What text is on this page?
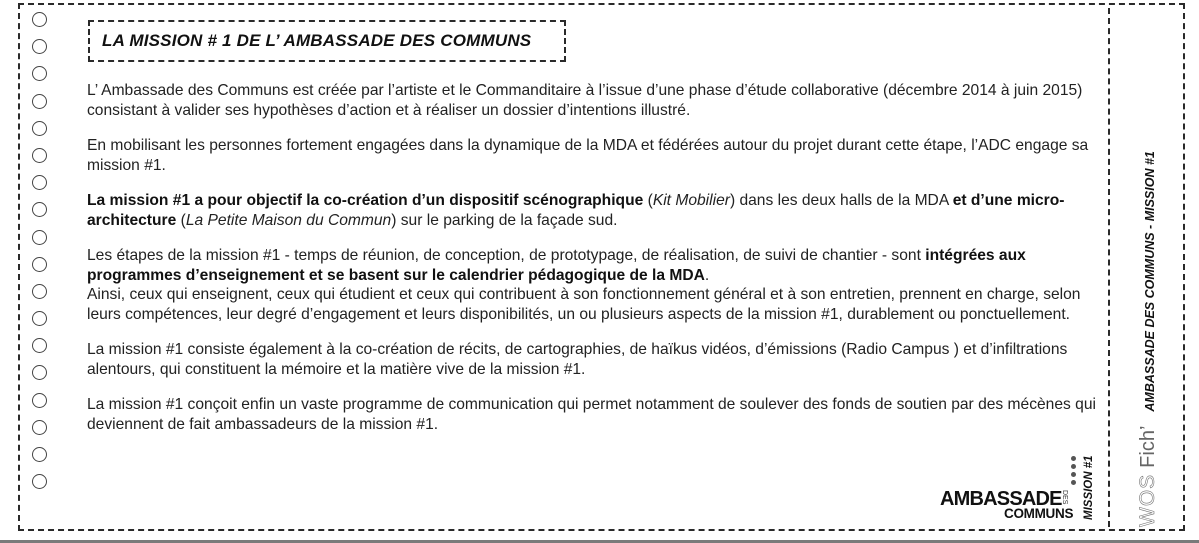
LA MISSION # 1 DE L’ AMBASSADE DES COMMUNS

L’ Ambassade des Communs est créée par l’artiste et le Commanditaire à l’issue d’une phase d’étude collaborative (décembre 2014 à juin 2015) consistant à valider ses hypothèses d’action et à réaliser un dossier d’intentions illustré.

En mobilisant les personnes fortement engagées dans la dynamique de la MDA et fédérées autour du projet durant cette étape, l’ADC engage sa mission #1.

La mission #1 a pour objectif la co-création d’un dispositif scénographique (Kit Mobilier) dans les deux halls de la MDA et d’une micro-architecture (La Petite Maison du Commun) sur le parking de la façade sud.

Les étapes de la mission #1 - temps de réunion, de conception, de prototypage, de réalisation, de suivi de chantier - sont intégrées aux programmes d’enseignement et se basent sur le calendrier pédagogique de la MDA.
Ainsi, ceux qui enseignent, ceux qui étudient et ceux qui contribuent à son fonctionnement général et à son entretien, prennent en charge, selon leurs compétences, leur degré d’engagement et leurs disponibilités, un ou plusieurs aspects de la mission #1, durablement ou ponctuellement.

La mission #1 consiste également à la co-création de récits, de cartographies, de haïkus vidéos, d’émissions (Radio Campus ) et d’infiltrations alentours, qui constituent la mémoire et la matière vive de la mission #1.

La mission #1 conçoit enfin un vaste programme de communication qui permet notamment de soulever des fonds de soutien par des mécènes qui deviennent de fait ambassadeurs de la mission #1.

AMBASSADE
COMMUNS
DES MISSION #1 WOS
Fich’
AMBASSADE DES COMMUNS - MISSION #1
